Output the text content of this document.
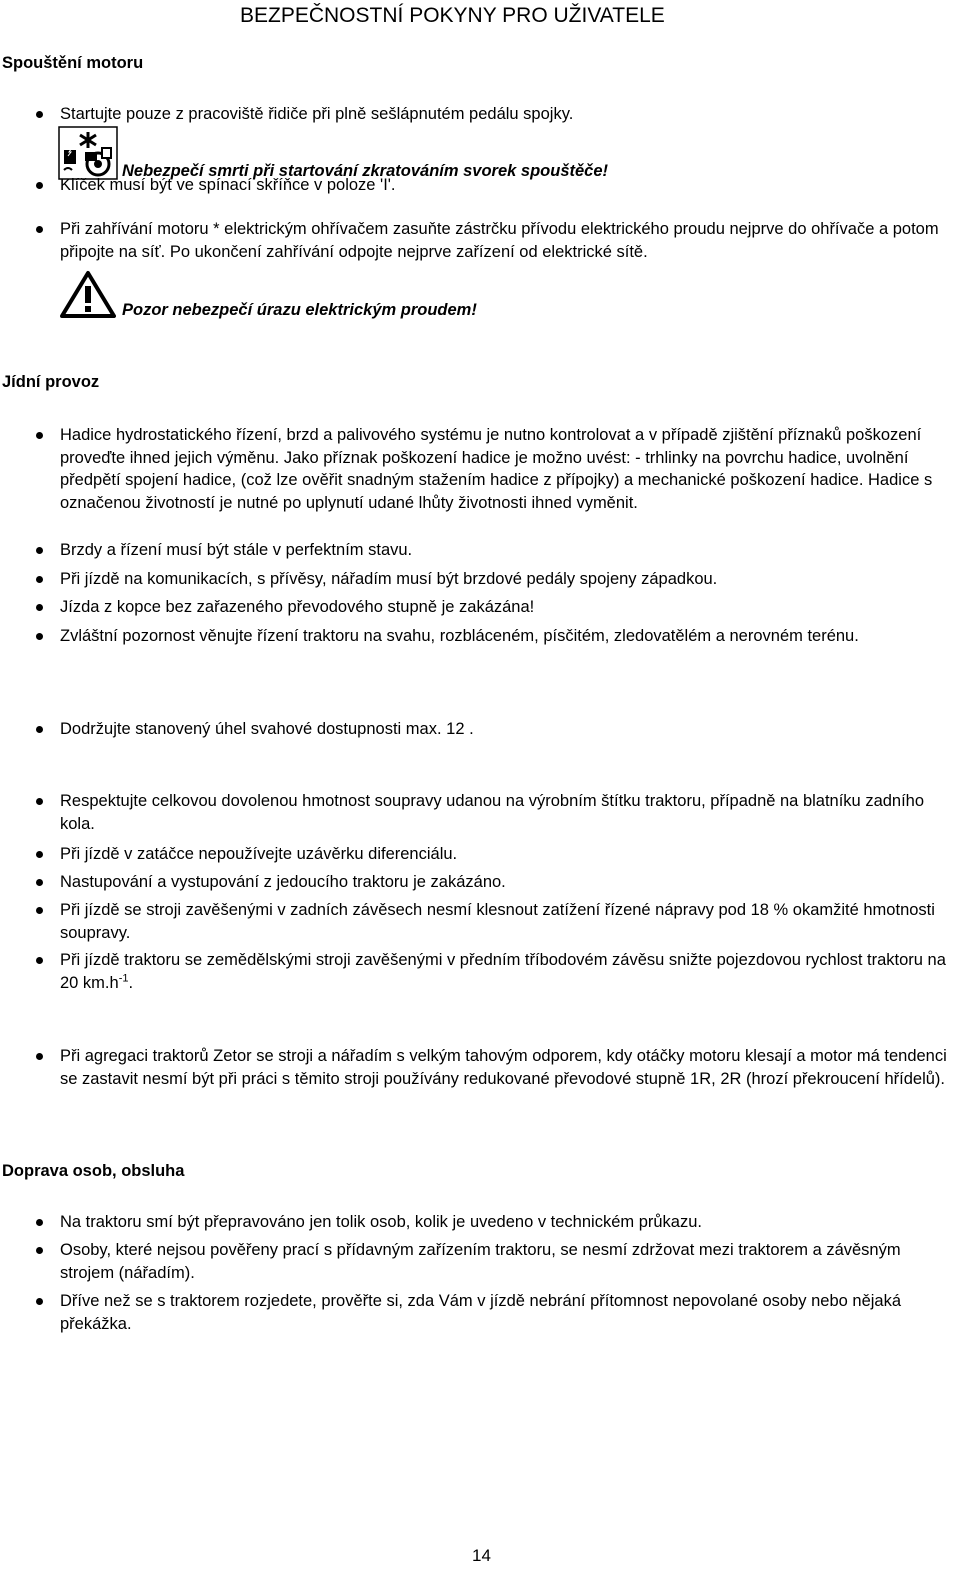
BEZPEČNOSTNÍ POKYNY PRO UŽIVATELE
Spouštění motoru
Startujte pouze z pracoviště řidiče při plně sešlápnutém pedálu spojky.
Nebezpečí smrti při startování zkratováním svorek spouštěče!
Klíček musí být ve spínací skříňce v poloze 'I'.
Při zahřívání motoru * elektrickým ohřívačem zasuňte zástrčku přívodu elektrického proudu nejprve do ohřívače a potom připojte na síť. Po ukončení zahřívání odpojte nejprve zařízení od elektrické sítě.
Pozor nebezpečí úrazu elektrickým proudem!
Jídní provoz
Hadice hydrostatického řízení, brzd a palivového systému je nutno kontrolovat a v případě zjištění příznaků poškození proveďte ihned jejich výměnu. Jako příznak poškození hadice je možno uvést: - trhlinky na povrchu hadice, uvolnění předpětí spojení hadice, (což lze ověřit snadným stažením hadice z přípojky) a mechanické poškození hadice. Hadice s označenou životností je nutné po uplynutí udané lhůty životnosti ihned vyměnit.
Brzdy a řízení musí být stále v perfektním stavu.
Při jízdě na komunikacích, s přívěsy, nářadím musí být brzdové pedály spojeny západkou.
Jízda z kopce bez zařazeného převodového stupně je zakázána!
Zvláštní pozornost věnujte řízení traktoru na svahu, rozbláceném, písčitém, zledovatělém a nerovném terénu.
Dodržujte stanovený úhel svahové dostupnosti max. 12 .
Respektujte celkovou dovolenou hmotnost soupravy udanou na výrobním štítku traktoru, případně na blatníku zadního kola.
Při jízdě v zatáčce nepoužívejte uzávěrku diferenciálu.
Nastupování a vystupování z jedoucího traktoru je zakázáno.
Při jízdě se stroji zavěšenými v zadních závěsech nesmí klesnout zatížení řízené nápravy pod 18 % okamžité hmotnosti soupravy.
Při jízdě traktoru se zemědělskými stroji zavěšenými v předním tříbodovém závěsu snižte pojezdovou rychlost traktoru na 20 $km.h^{-1}$.
Při agregaci traktorů Zetor se stroji a nářadím s velkým tahovým odporem, kdy otáčky motoru klesají a motor má tendenci se zastavit nesmí být při práci s těmito stroji používány redukované převodové stupně 1R, 2R (hrozí překroucení hřídelů).
Doprava osob, obsluha
Na traktoru smí být přepravováno jen tolik osob, kolik je uvedeno v technickém průkazu.
Osoby, které nejsou pověřeny prací s přídavným zařízením traktoru, se nesmí zdržovat mezi traktorem a závěsným strojem (nářadím).
Dříve než se s traktorem rozjedete, prověřte si, zda Vám v jízdě nebrání přítomnost nepovolané osoby nebo nějaká překážka.
14
